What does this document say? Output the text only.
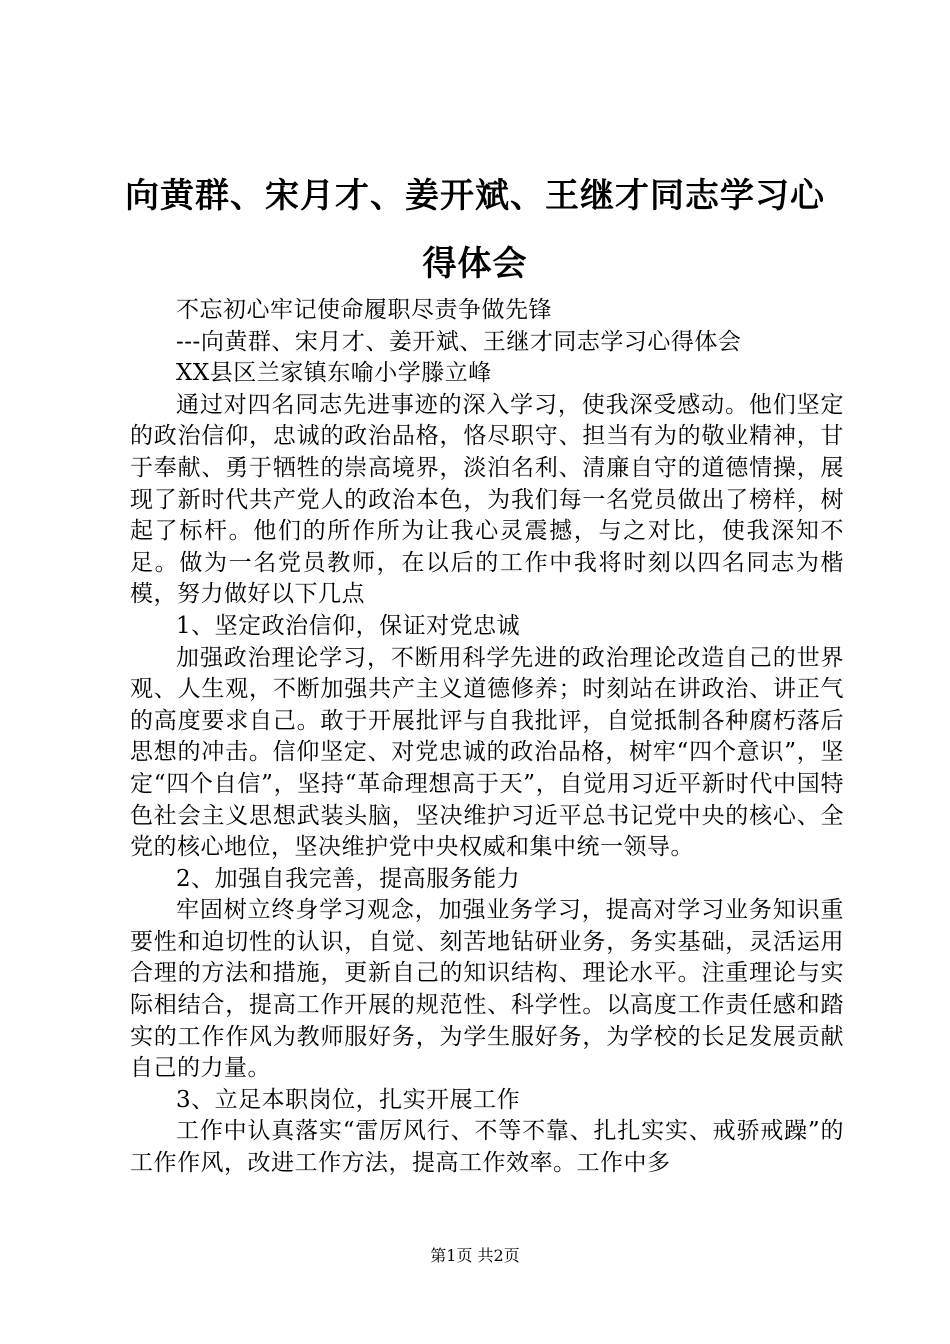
向黄群、宋月才、姜开斌、王继才同志学习心得体会

不忘初心牢记使命履职尽责争做先锋

---向黄群、宋月才、姜开斌、王继才同志学习心得体会

XX县区兰家镇东喻小学滕立峰

通过对四名同志先进事迹的深入学习，使我深受感动。他们坚定的政治信仰，忠诚的政治品格，恪尽职守、担当有为的敬业精神，甘于奉献、勇于牺牲的崇高境界，淡泊名利、清廉自守的道德情操，展现了新时代共产党人的政治本色，为我们每一名党员做出了榜样，树起了标杆。他们的所作所为让我心灵震撼，与之对比，使我深知不足。做为一名党员教师，在以后的工作中我将时刻以四名同志为楷模，努力做好以下几点

1、坚定政治信仰，保证对党忠诚

加强政治理论学习，不断用科学先进的政治理论改造自己的世界观、人生观，不断加强共产主义道德修养；时刻站在讲政治、讲正气的高度要求自己。敢于开展批评与自我批评，自觉抵制各种腐朽落后思想的冲击。信仰坚定、对党忠诚的政治品格，树牢“四个意识”，坚定“四个自信”，坚持“革命理想高于天”，自觉用习近平新时代中国特色社会主义思想武装头脑，坚决维护习近平总书记党中央的核心、全党的核心地位，坚决维护党中央权威和集中统一领导。

2、加强自我完善，提高服务能力

牢固树立终身学习观念，加强业务学习，提高对学习业务知识重要性和迫切性的认识，自觉、刻苦地钻研业务，务实基础，灵活运用合理的方法和措施，更新自己的知识结构、理论水平。注重理论与实际相结合，提高工作开展的规范性、科学性。以高度工作责任感和踏实的工作作风为教师服好务，为学生服好务，为学校的长足发展贡献自己的力量。

3、立足本职岗位，扎实开展工作

工作中认真落实“雷厉风行、不等不靠、扎扎实实、戒骄戒躁”的工作作风，改进工作方法，提高工作效率。工作中多

第1页 共2页
